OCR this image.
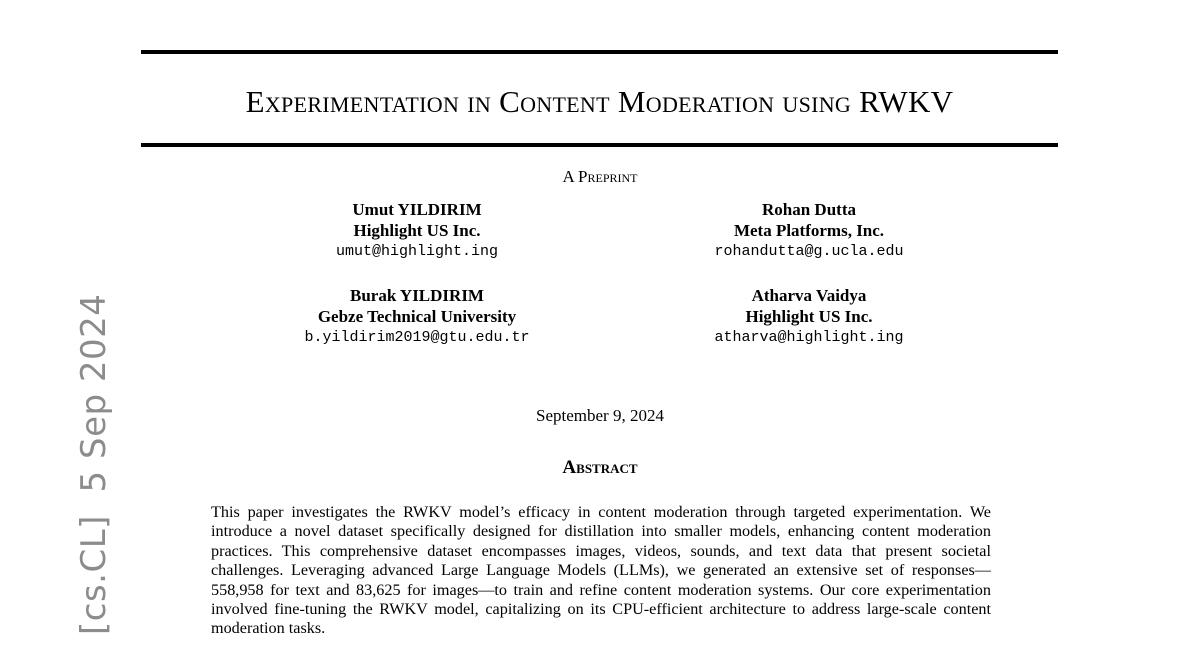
[cs.CL]  5 Sep 2024
Experimentation in Content Moderation using RWKV
A Preprint
Umut YILDIRIM
Highlight US Inc.
umut@highlight.ing
Rohan Dutta
Meta Platforms, Inc.
rohandutta@g.ucla.edu
Burak YILDIRIM
Gebze Technical University
b.yildirim2019@gtu.edu.tr
Atharva Vaidya
Highlight US Inc.
atharva@highlight.ing
September 9, 2024
Abstract

This paper investigates the RWKV model’s efficacy in content moderation through targeted experimentation. We introduce a novel dataset specifically designed for distillation into smaller models, enhancing content moderation practices. This comprehensive dataset encompasses images, videos, sounds, and text data that present societal challenges. Leveraging advanced Large Language Models (LLMs), we generated an extensive set of responses—558,958 for text and 83,625 for images—to train and refine content moderation systems. Our core experimentation involved fine-tuning the RWKV model, capitalizing on its CPU-efficient architecture to address large-scale content moderation tasks.
